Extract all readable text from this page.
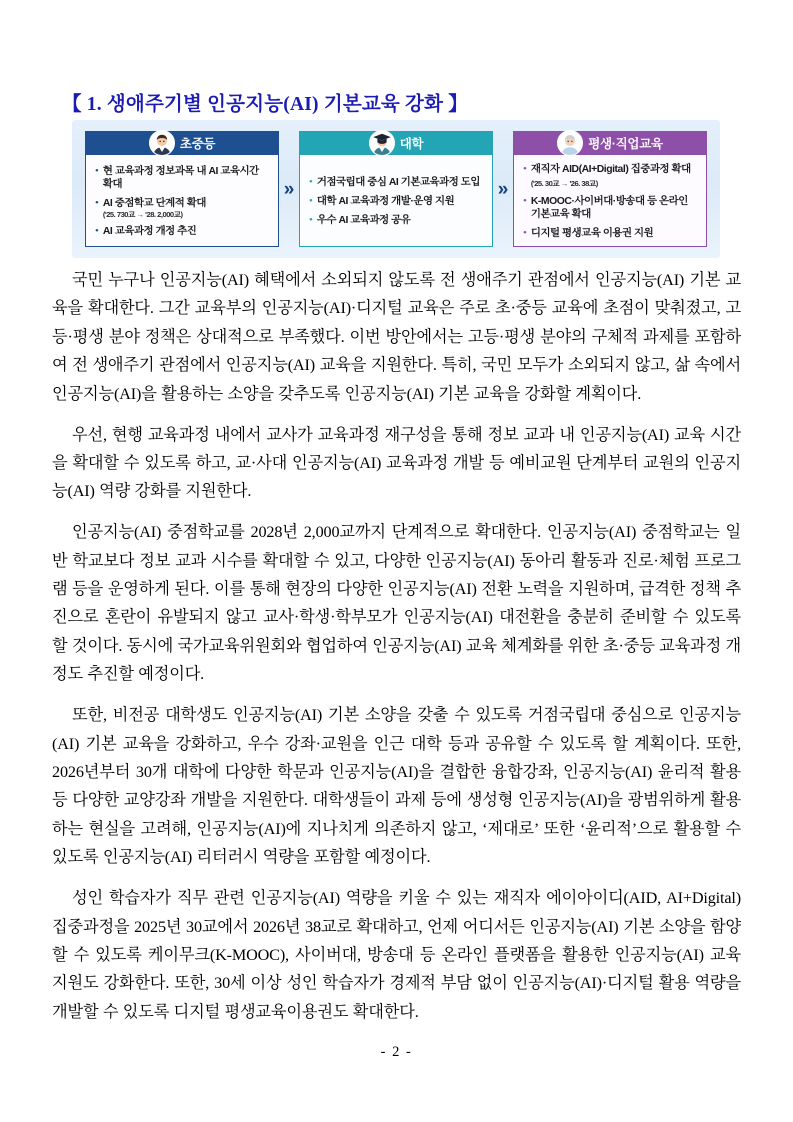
【 1. 생애주기별 인공지능(AI) 기본교육 강화 】
초중등
• 현 교육과정 정보과목 내 AI 교육시간 확대
• AI 중점학교 단계적 확대
('25. 730교 → '28. 2,000교)
• AI 교육과정 개정 추진
»
대학
• 거점국립대 중심 AI 기본교육과정 도입
• 대학 AI 교육과정 개발·운영 지원
• 우수 AI 교육과정 공유
»
평생·직업교육
• 재직자 AID(AI+Digital) 집중과정 확대('25. 30교 → '26. 38교)
• K-MOOC·사이버대·방송대 등 온라인 기본교육 확대
• 디지털 평생교육 이용권 지원

국민 누구나 인공지능(AI) 혜택에서 소외되지 않도록 전 생애주기 관점에서 인공지능(AI) 기본 교육을 확대한다. 그간 교육부의 인공지능(AI)·디지털 교육은 주로 초·중등 교육에 초점이 맞춰졌고, 고등·평생 분야 정책은 상대적으로 부족했다. 이번 방안에서는 고등·평생 분야의 구체적 과제를 포함하여 전 생애주기 관점에서 인공지능(AI) 교육을 지원한다. 특히, 국민 모두가 소외되지 않고, 삶 속에서 인공지능(AI)을 활용하는 소양을 갖추도록 인공지능(AI) 기본 교육을 강화할 계획이다.

우선, 현행 교육과정 내에서 교사가 교육과정 재구성을 통해 정보 교과 내 인공지능(AI) 교육 시간을 확대할 수 있도록 하고, 교·사대 인공지능(AI) 교육과정 개발 등 예비교원 단계부터 교원의 인공지능(AI) 역량 강화를 지원한다.

인공지능(AI) 중점학교를 2028년 2,000교까지 단계적으로 확대한다. 인공지능(AI) 중점학교는 일반 학교보다 정보 교과 시수를 확대할 수 있고, 다양한 인공지능(AI) 동아리 활동과 진로·체험 프로그램 등을 운영하게 된다. 이를 통해 현장의 다양한 인공지능(AI) 전환 노력을 지원하며, 급격한 정책 추진으로 혼란이 유발되지 않고 교사·학생·학부모가 인공지능(AI) 대전환을 충분히 준비할 수 있도록 할 것이다. 동시에 국가교육위원회와 협업하여 인공지능(AI) 교육 체계화를 위한 초·중등 교육과정 개정도 추진할 예정이다.

또한, 비전공 대학생도 인공지능(AI) 기본 소양을 갖출 수 있도록 거점국립대 중심으로 인공지능(AI) 기본 교육을 강화하고, 우수 강좌·교원을 인근 대학 등과 공유할 수 있도록 할 계획이다. 또한, 2026년부터 30개 대학에 다양한 학문과 인공지능(AI)을 결합한 융합강좌, 인공지능(AI) 윤리적 활용 등 다양한 교양강좌 개발을 지원한다. 대학생들이 과제 등에 생성형 인공지능(AI)을 광범위하게 활용하는 현실을 고려해, 인공지능(AI)에 지나치게 의존하지 않고, ‘제대로’ 또한 ‘윤리적’으로 활용할 수 있도록 인공지능(AI) 리터러시 역량을 포함할 예정이다.

성인 학습자가 직무 관련 인공지능(AI) 역량을 키울 수 있는 재직자 에이아이디(AID, AI+Digital) 집중과정을 2025년 30교에서 2026년 38교로 확대하고, 언제 어디서든 인공지능(AI) 기본 소양을 함양할 수 있도록 케이무크(K-MOOC), 사이버대, 방송대 등 온라인 플랫폼을 활용한 인공지능(AI) 교육 지원도 강화한다. 또한, 30세 이상 성인 학습자가 경제적 부담 없이 인공지능(AI)·디지털 활용 역량을 개발할 수 있도록 디지털 평생교육이용권도 확대한다.

- 2 -
